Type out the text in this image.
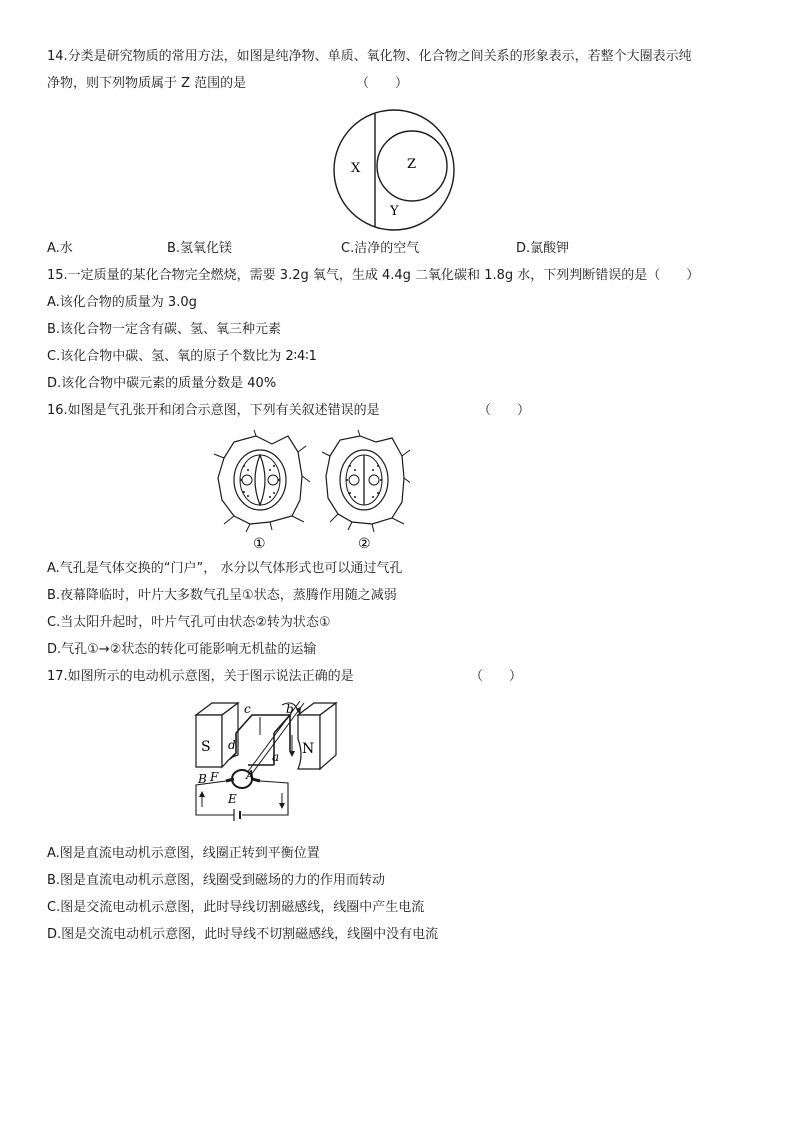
14.分类是研究物质的常用方法，如图是纯净物、单质、氧化物、化合物之间关系的形象表示，若整个大圈表示纯
净物，则下列物质属于 Z 范围的是	（　　）
X	Z
Y
A.水	B.氢氧化镁	C.洁净的空气	D.氯酸钾
15.一定质量的某化合物完全燃烧，需要 3.2g 氧气，生成 4.4g 二氧化碳和 1.8g 水，下列判断错误的是（　　）
A.该化合物的质量为 3.0g
B.该化合物一定含有碳、氢、氧三种元素
C.该化合物中碳、氢、氧的原子个数比为 2∶4∶1
D.该化合物中碳元素的质量分数是 40%
16.如图是气孔张开和闭合示意图，下列有关叙述错误的是	（　　）
①	②
A.气孔是气体交换的“门户”， 水分以气体形式也可以通过气孔
B.夜幕降临时，叶片大多数气孔呈①状态，蒸腾作用随之减弱
C.当太阳升起时，叶片气孔可由状态②转为状态①
D.气孔①→②状态的转化可能影响无机盐的运输
17.如图所示的电动机示意图，关于图示说法正确的是	（　　）
S	N
c	b
d
a
B F A
E
A.图是直流电动机示意图，线圈正转到平衡位置
B.图是直流电动机示意图，线圈受到磁场的力的作用而转动
C.图是交流电动机示意图，此时导线切割磁感线，线圈中产生电流
D.图是交流电动机示意图，此时导线不切割磁感线，线圈中没有电流
